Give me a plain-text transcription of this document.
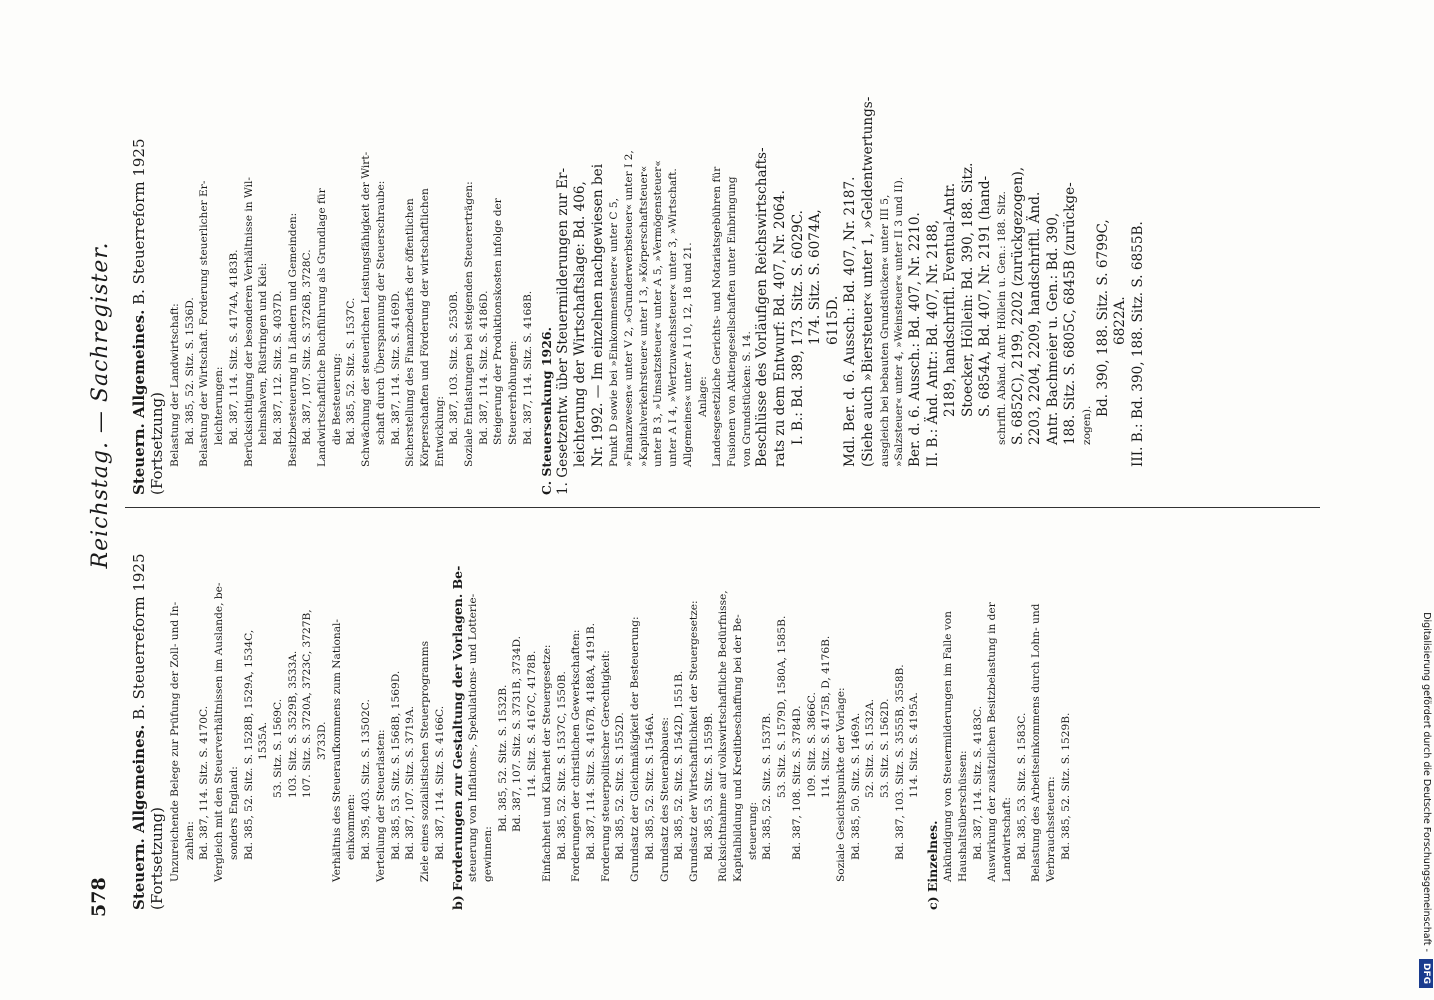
578
Reichstag. — Sachregister.
Steuern. Allgemeines. B. Steuerreform 1925
(Fortsetzung) Unzureichende Belege zur Prüfung der Zoll- und In- zahlen: Bd. 387, 114. Sitz. S. 4170C. Vergleich mit den Steuerverhältnissen im Auslande, be- sonders England: Bd. 385, 52. Sitz. S. 1528B, 1529A, 1534C, 1535A. 53. Sitz. S. 1569C. 103. Sitz. S. 3529B, 3533A. 107. Sitz. S. 3720A, 3723C, 3727B, 3733D. Verhältnis des Steueraufkommens zum National- einkommen: Bd. 395, 403. Sitz. S. 13502C. Verteilung der Steuerlasten: Bd. 385, 53. Sitz. S. 1568B, 1569D. Bd. 387, 107. Sitz. S. 3719A. Ziele eines sozialistischen Steuerprogramms Bd. 387, 114. Sitz. S. 4166C. b) Forderungen zur Gestaltung der Vorlagen. Be- steuerung von Inflations-, Spekulations- und Lotterie- gewinnen:
Bd. 385, 52. Sitz. S. 1532B. Bd. 387, 107. Sitz. S. 3731B, 3734D. 114. Sitz. S. 4167C, 4178B. Einfachheit und Klarheit der Steuergesetze: Bd. 385, 52. Sitz. S. 1537C, 1550B. Forderungen der christlichen Gewerkschaften: Bd. 387, 114. Sitz. S. 4167B, 4188A, 4191B. Forderung steuerpolitischer Gerechtigkeit: Bd. 385, 52. Sitz. S. 1552D. Grundsatz der Gleichmäßigkeit der Besteuerung: Bd. 385, 52. Sitz. S. 1546A. Grundsatz des Steuerabbaues: Bd. 385, 52. Sitz. S. 1542D, 1551B. Grundsatz der Wirtschaftlichkeit der Steuergesetze: Bd. 385, 53. Sitz. S. 1559B. Rücksichtnahme auf volkswirtschaftliche Bedürfnisse, Kapitalbildung und Kreditbeschaffung bei der Be- steuerung: Bd. 385, 52. Sitz. S. 1537B. 53. Sitz. S. 1579D, 1580A, 1585B. Bd. 387, 108. Sitz. S. 3784D. 109. Sitz. S. 3866C. 114. Sitz. S. 4175B, D, 4176B. Soziale Gesichtspunkte der Vorlage: Bd. 385, 50. Sitz. S. 1469A. 52. Sitz. S. 1532A. 53. Sitz. S. 1562D. Bd. 387, 103. Sitz. S. 3555B, 3558B. 114. Sitz. S. 4195A.
c) Einzelnes. Ankündigung von Steuermilderungen im Falle von Haushaltsüberschüssen: Bd. 387, 114. Sitz. S. 4183C. Auswirkung der zusätzlichen Besitzbelastung in der Landwirtschaft: Bd. 385, 53. Sitz. S. 1583C. Belastung des Arbeitseinkommens durch Lohn- und Verbrauchssteuern: Bd. 385, 52. Sitz. S. 1529B.
Steuern. Allgemeines. B. Steuerreform 1925
(Fortsetzung) Belastung der Landwirtschaft: Bd. 385, 52. Sitz. S. 1536D. Belastung der Wirtschaft. Forderung steuerlicher Er- leichterungen: Bd. 387, 114. Sitz. S. 4174A, 4183B. Berücksichtigung der besonderen Verhältnisse in Wil- helmshaven, Rüstringen und Kiel: Bd. 387, 112. Sitz. S. 4037D. Besitzbesteuerung in Ländern und Gemeinden: Bd. 387, 107. Sitz. S. 3726B, 3728C. Landwirtschaftliche Buchführung als Grundlage für die Besteuerung: Bd. 385, 52. Sitz. S. 1537C. Schwächung der steuerlichen Leistungsfähigkeit der Wirt- schaft durch Überspannung der Steuerschraube: Bd. 387, 114. Sitz. S. 4169D. Sicherstellung des Finanzbedarfs der öffentlichen Körperschaften und Förderung der wirtschaftlichen Entwicklung: Bd. 387, 103. Sitz. S. 2530B. Soziale Entlastungen bei steigenden Steuererträgen: Bd. 387, 114. Sitz. S. 4186D. Steigerung der Produktionskosten infolge der Steuererhöhungen: Bd. 387, 114. Sitz. S. 4168B. C. Steuersenkung 1926. 1. Gesetzentw. über Steuermilderungen zur Er- leichterung der Wirtschaftslage: Bd. 406, Nr. 1992. — Im einzelnen nachgewiesen bei Punkt D sowie bei »Einkommensteuer« unter C 5, »Finanzwesen« unter V 2, »Grunderwerbsteuer« unter I 2, »Kapitalverkehrsteuer« unter I 3, »Körperschaftsteuer« unter B 3, »Umsatzsteuer« unter A 5, »Vermögensteuer« unter A I 4, »Wertzuwachssteuer« unter 3, »Wirtschaft. Allgemeines« unter A I 10, 12, 18 und 21. Anlage: Landesgesetzliche Gerichts- und Notariatsgebühren für Fusionen von Aktiengesellschaften unter Einbringung von Grundstücken: S. 14. Beschlüsse des Vorläufigen Reichswirtschafts- rats zu dem Entwurf: Bd. 407, Nr. 2064. I. B.: Bd. 389, 173. Sitz. S. 6029C. 174. Sitz. S. 6074A, 6115D. Mdl. Ber. d. 6. Aussch.: Bd. 407, Nr. 2187. (Siehe auch »Biersteuer« unter 1, »Geldentwertungs- ausgleich bei bebauten Grundstücken« unter III 5, »Salzsteuer« unter 4, »Weinsteuer« unter II 3 und II). Ber. d. 6. Aussch.: Bd. 407, Nr. 2210. II. B.: Änd. Antr.: Bd. 407, Nr. 2188, 2189, handschriftl. Eventual-Antr. Stoecker, Höllein: Bd. 390, 188. Sitz. S. 6854A, Bd. 407, Nr. 2191 (hand- schriftl. Abänd. Antr. Höllein u. Gen.: 188. Sitz. S. 6852C), 2199, 2202 (zurückgezogen), 2203, 2204, 2209, handschriftl. Änd. Antr. Bachmeier u. Gen.: Bd. 390, 188. Sitz. S. 6805C, 6845B (zurückge- zogen).
Bd. 390, 188. Sitz. S. 6799C, 6822A. III. B.: Bd. 390, 188. Sitz. S. 6855B.
Digitalisierung gefördert durch die Deutsche Forschungsgemeinschaft - DFG
